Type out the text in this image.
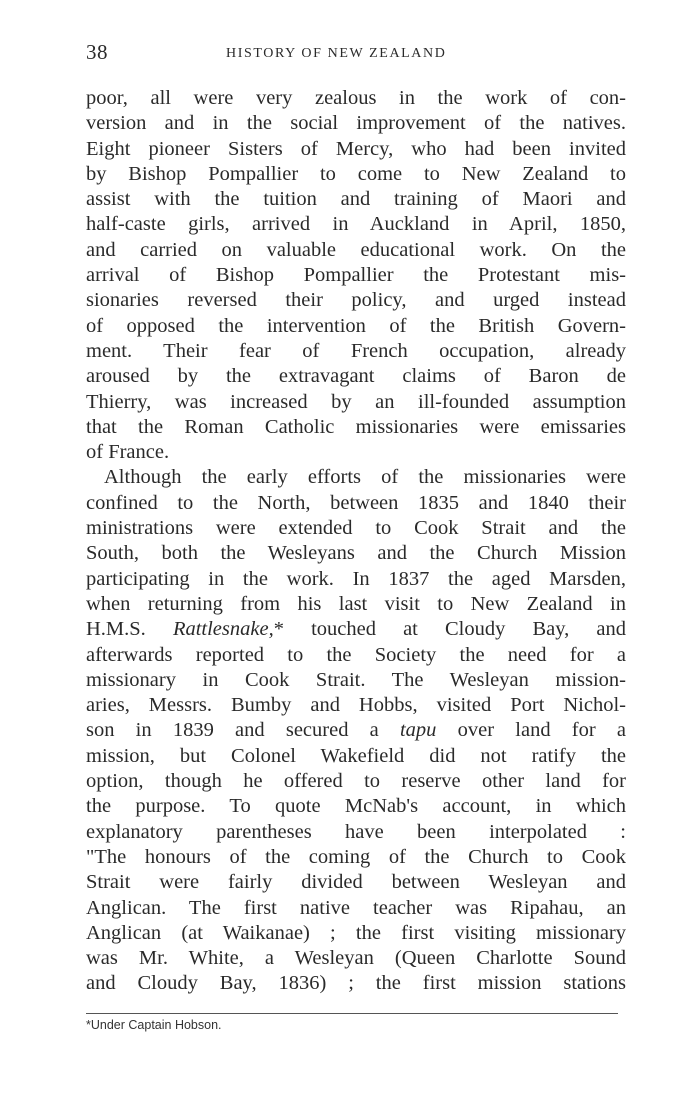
38	HISTORY OF NEW ZEALAND
poor, all were very zealous in the work of con-
version and in the social improvement of the natives.
Eight pioneer Sisters of Mercy, who had been invited
by Bishop Pompallier to come to New Zealand to
assist with the tuition and training of Maori and
half-caste girls, arrived in Auckland in April, 1850,
and carried on valuable educational work. On the
arrival of Bishop Pompallier the Protestant mis-
sionaries reversed their policy, and urged instead
of opposed the intervention of the British Govern-
ment. Their fear of French occupation, already
aroused by the extravagant claims of Baron de
Thierry, was increased by an ill-founded assumption
that the Roman Catholic missionaries were emissaries
of France.
Although the early efforts of the missionaries were
confined to the North, between 1835 and 1840 their
ministrations were extended to Cook Strait and the
South, both the Wesleyans and the Church Mission
participating in the work. In 1837 the aged Marsden,
when returning from his last visit to New Zealand in
H.M.S. Rattlesnake,* touched at Cloudy Bay, and
afterwards reported to the Society the need for a
missionary in Cook Strait. The Wesleyan mission-
aries, Messrs. Bumby and Hobbs, visited Port Nichol-
son in 1839 and secured a tapu over land for a
mission, but Colonel Wakefield did not ratify the
option, though he offered to reserve other land for
the purpose. To quote McNab's account, in which
explanatory parentheses have been interpolated :
"The honours of the coming of the Church to Cook
Strait were fairly divided between Wesleyan and
Anglican. The first native teacher was Ripahau, an
Anglican (at Waikanae) ; the first visiting missionary
was Mr. White, a Wesleyan (Queen Charlotte Sound
and Cloudy Bay, 1836) ; the first mission stations
*Under Captain Hobson.
